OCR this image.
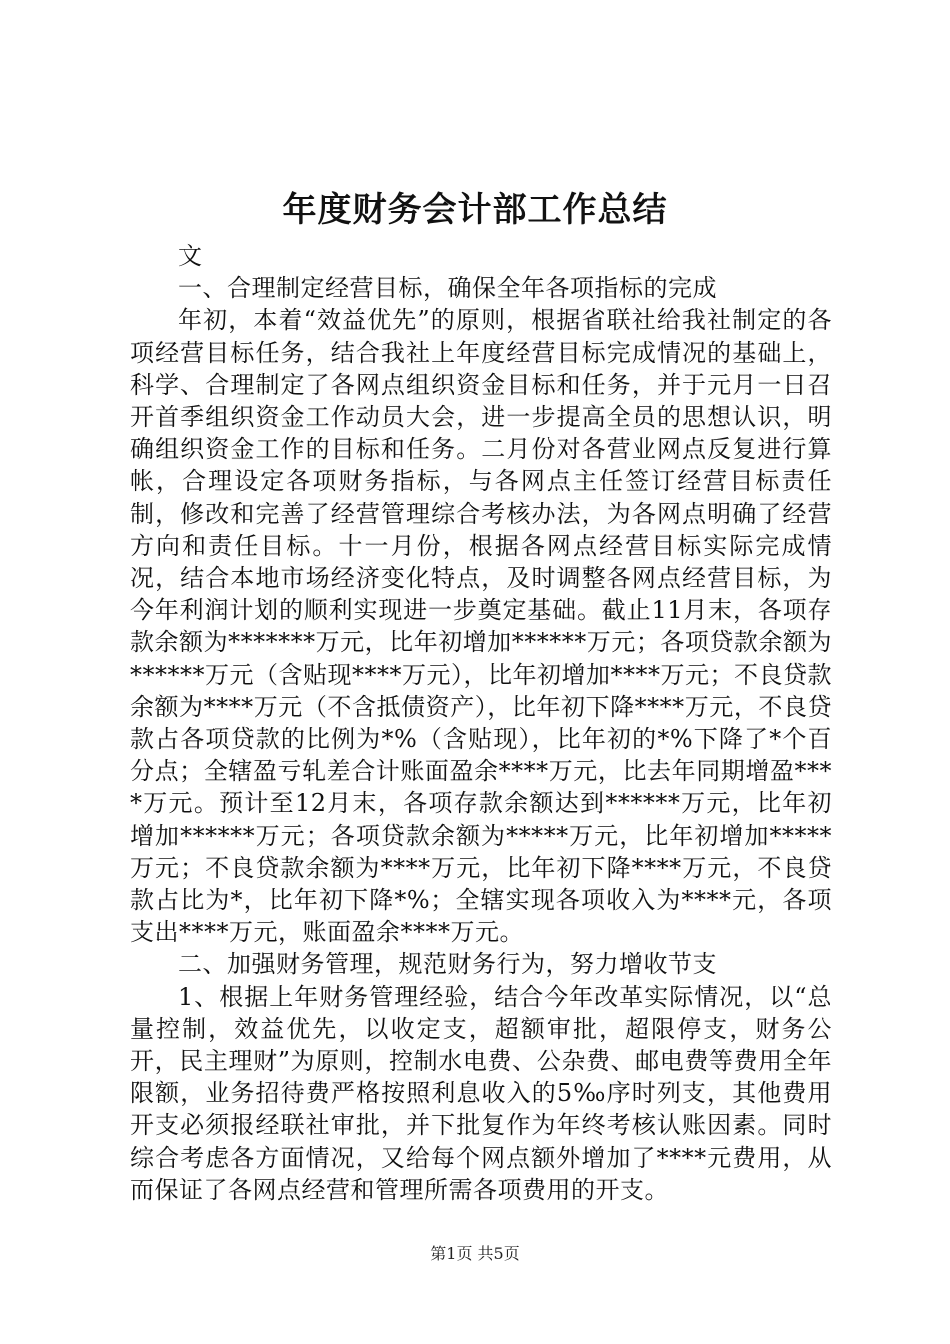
年度财务会计部工作总结

文

一、合理制定经营目标，确保全年各项指标的完成

年初，本着“效益优先”的原则，根据省联社给我社制定的各项经营目标任务，结合我社上年度经营目标完成情况的基础上，科学、合理制定了各网点组织资金目标和任务，并于元月一日召开首季组织资金工作动员大会，进一步提高全员的思想认识，明确组织资金工作的目标和任务。二月份对各营业网点反复进行算帐，合理设定各项财务指标，与各网点主任签订经营目标责任制，修改和完善了经营管理综合考核办法，为各网点明确了经营方向和责任目标。十一月份，根据各网点经营目标实际完成情况，结合本地市场经济变化特点，及时调整各网点经营目标，为今年利润计划的顺利实现进一步奠定基础。截止11月末，各项存款余额为*******万元，比年初增加******万元；各项贷款余额为******万元（含贴现****万元），比年初增加****万元；不良贷款余额为****万元（不含抵债资产），比年初下降****万元，不良贷款占各项贷款的比例为*%（含贴现），比年初的*%下降了*个百分点；全辖盈亏轧差合计账面盈余****万元，比去年同期增盈****万元。预计至12月末，各项存款余额达到******万元，比年初增加******万元；各项贷款余额为*****万元，比年初增加*****万元；不良贷款余额为****万元，比年初下降****万元，不良贷款占比为*，比年初下降*%；全辖实现各项收入为****元，各项支出****万元，账面盈余****万元。

二、加强财务管理，规范财务行为，努力增收节支

1、根据上年财务管理经验，结合今年改革实际情况，以“总量控制，效益优先，以收定支，超额审批，超限停支，财务公开，民主理财”为原则，控制水电费、公杂费、邮电费等费用全年限额，业务招待费严格按照利息收入的5‰序时列支，其他费用开支必须报经联社审批，并下批复作为年终考核认账因素。同时综合考虑各方面情况，又给每个网点额外增加了****元费用，从而保证了各网点经营和管理所需各项费用的开支。

第1页 共5页
